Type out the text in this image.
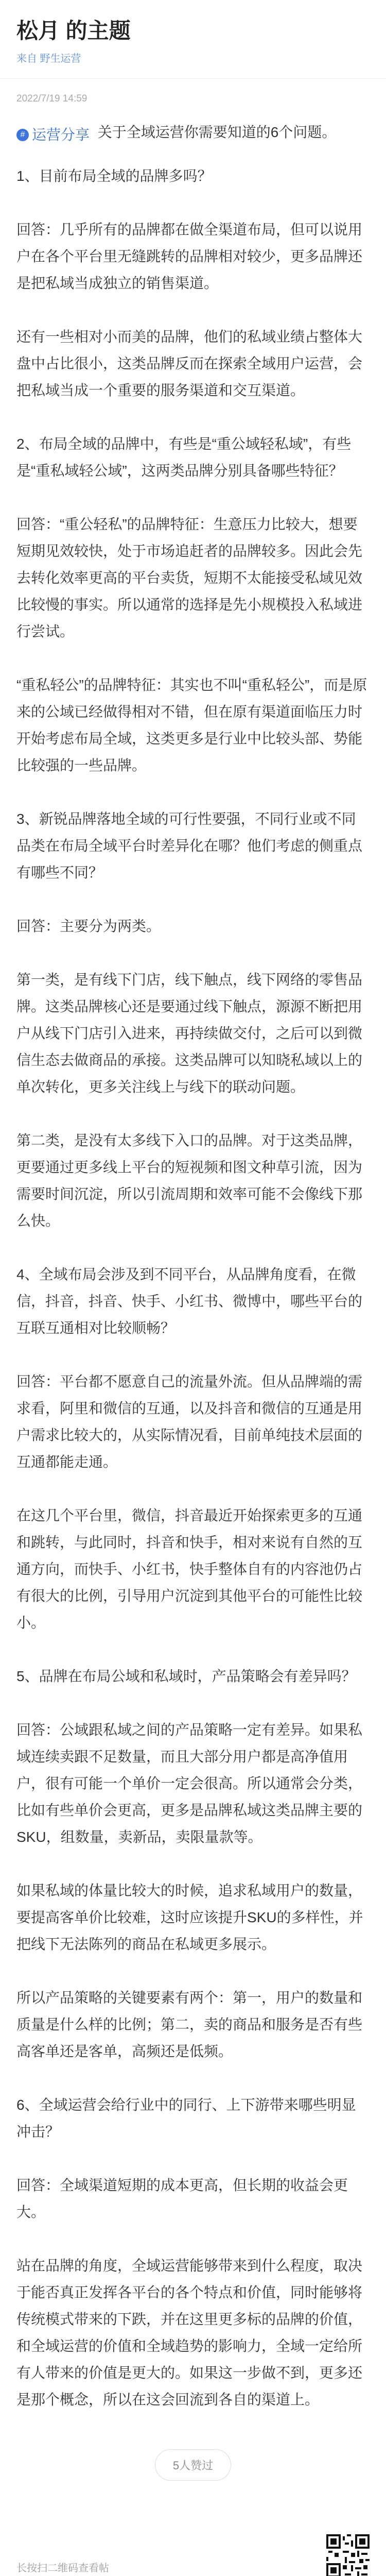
松月 的主题
来自 野生运营
2022/7/19 14:59
# 运营分享 关于全域运营你需要知道的6个问题。
1、目前布局全域的品牌多吗？
回答：几乎所有的品牌都在做全渠道布局，但可以说用户在各个平台里无缝跳转的品牌相对较少，更多品牌还是把私域当成独立的销售渠道。
还有一些相对小而美的品牌，他们的私域业绩占整体大盘中占比很小，这类品牌反而在探索全域用户运营，会把私域当成一个重要的服务渠道和交互渠道。
2、布局全域的品牌中，有些是“重公域轻私域”，有些是“重私域轻公域”，这两类品牌分别具备哪些特征？
回答：“重公轻私”的品牌特征：生意压力比较大，想要短期见效较快，处于市场追赶者的品牌较多。因此会先去转化效率更高的平台卖货，短期不太能接受私域见效比较慢的事实。所以通常的选择是先小规模投入私域进行尝试。
“重私轻公”的品牌特征：其实也不叫“重私轻公”，而是原来的公域已经做得相对不错，但在原有渠道面临压力时开始考虑布局全域，这类更多是行业中比较头部、势能比较强的一些品牌。
3、新锐品牌落地全域的可行性要强，不同行业或不同品类在布局全域平台时差异化在哪？他们考虑的侧重点有哪些不同？
回答：主要分为两类。
第一类，是有线下门店，线下触点，线下网络的零售品牌。这类品牌核心还是要通过线下触点，源源不断把用户从线下门店引入进来，再持续做交付，之后可以到微信生态去做商品的承接。这类品牌可以知晓私域以上的单次转化，更多关注线上与线下的联动问题。
第二类，是没有太多线下入口的品牌。对于这类品牌，更要通过更多线上平台的短视频和图文种草引流，因为需要时间沉淀，所以引流周期和效率可能不会像线下那么快。
4、全域布局会涉及到不同平台，从品牌角度看，在微信，抖音，抖音、快手、小红书、微博中，哪些平台的互联互通相对比较顺畅？
回答：平台都不愿意自己的流量外流。但从品牌端的需求看，阿里和微信的互通，以及抖音和微信的互通是用户需求比较大的，从实际情况看，目前单纯技术层面的互通都能走通。
在这几个平台里，微信，抖音最近开始探索更多的互通和跳转，与此同时，抖音和快手，相对来说有自然的互通方向，而快手、小红书，快手整体自有的内容池仍占有很大的比例，引导用户沉淀到其他平台的可能性比较小。
5、品牌在布局公域和私域时，产品策略会有差异吗？
回答：公域跟私域之间的产品策略一定有差异。如果私域连续卖跟不足数量，而且大部分用户都是高净值用户，很有可能一个单价一定会很高。所以通常会分类，比如有些单价会更高，更多是品牌私域这类品牌主要的SKU，组数量，卖新品，卖限量款等。
如果私域的体量比较大的时候，追求私域用户的数量，要提高客单价比较难，这时应该提升SKU的多样性，并把线下无法陈列的商品在私域更多展示。
所以产品策略的关键要素有两个：第一，用户的数量和质量是什么样的比例；第二，卖的商品和服务是否有些高客单还是客单，高频还是低频。
6、全域运营会给行业中的同行、上下游带来哪些明显冲击？
回答：全域渠道短期的成本更高，但长期的收益会更大。
站在品牌的角度，全域运营能够带来到什么程度，取决于能否真正发挥各平台的各个特点和价值，同时能够将传统模式带来的下跌，并在这里更多标的品牌的价值，和全域运营的价值和全域趋势的影响力，全域一定给所有人带来的价值是更大的。如果这一步做不到，更多还是那个概念，所以在这会回流到各自的渠道上。
5人赞过
长按扫二维码查看帖
